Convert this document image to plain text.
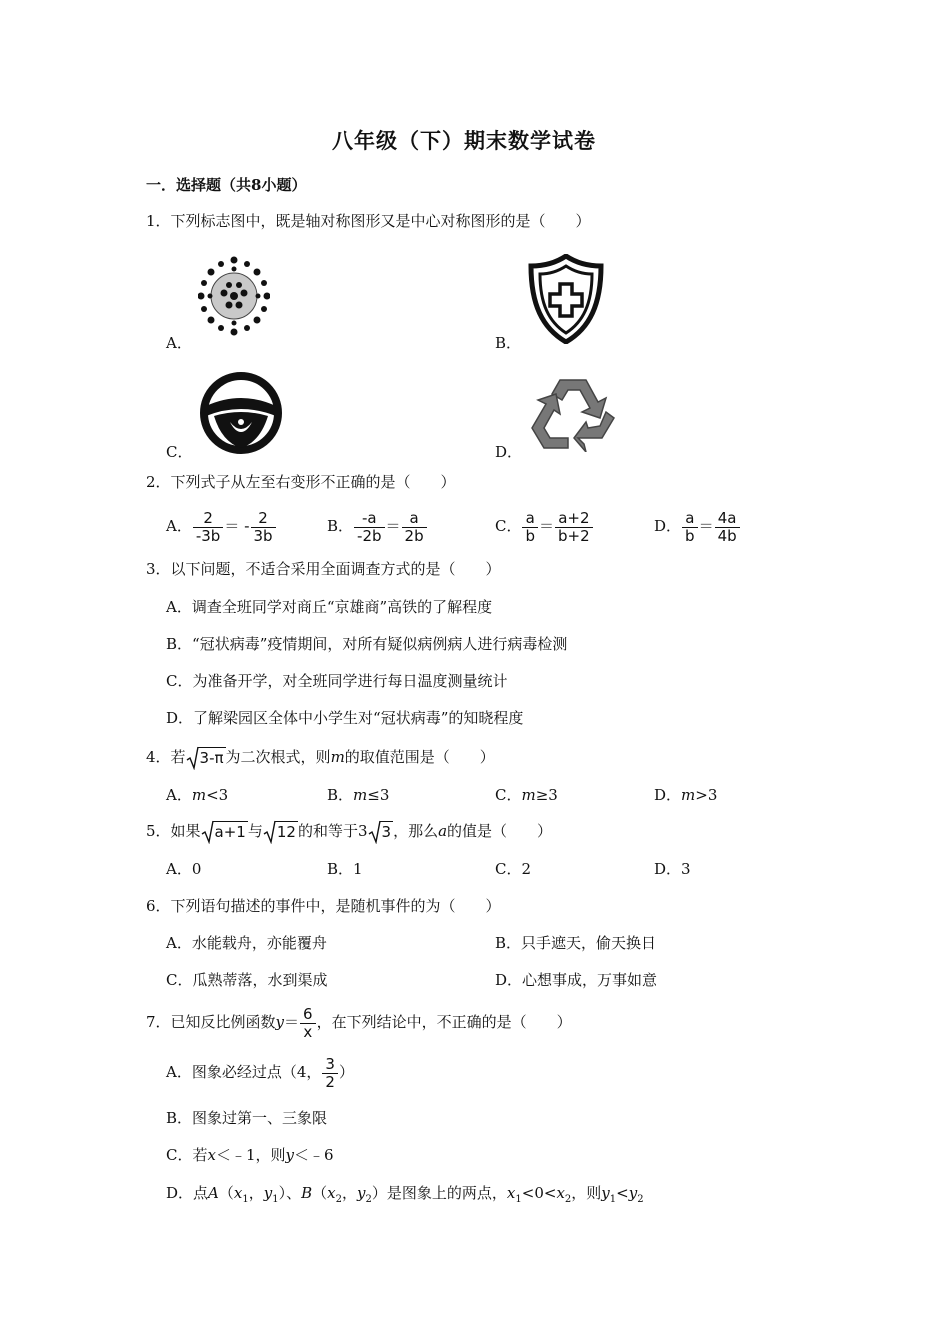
八年级（下）期末数学试卷
一．选择题（共8小题）
1．下列标志图中，既是轴对称图形又是中心对称图形的是（　　）
A．	B．
C．	D．
2．下列式子从左至右变形不正确的是（　　）
A． $\frac{2}{-3b}$ ＝ - $\frac{2}{3b}$	B． $\frac{-a}{-2b} = \frac{a}{2b}$	C． $\frac{a}{b} = \frac{a+2}{b+2}$	D． $\frac{a}{b} = \frac{4a}{4b}$
3．以下问题，不适合采用全面调查方式的是（　　）
A．调查全班同学对商丘“京雄商”高铁的了解程度
B．“冠状病毒”疫情期间，对所有疑似病例病人进行病毒检测
C．为准备开学，对全班同学进行每日温度测量统计
D．了解梁园区全体中小学生对“冠状病毒”的知晓程度
4．若 3-π 为二次根式，则m的取值范围是（　　）
A．m<3	B．m≤3	C．m≥3	D．m>3
5．如果 a+1 与 12 的和等于3 3 ，那么a的值是（　　）
A．0	B．1	C．2	D．3
6．下列语句描述的事件中，是随机事件的为（　　）
A．水能载舟，亦能覆舟	B．只手遮天，偷天换日
C．瓜熟蒂落，水到渠成	D．心想事成，万事如意
7．已知反比例函数$y= \frac{6}{x}$ ，在下列结论中，不正确的是（　　）
A．图象必经过点（4， $\frac{3}{2}$ ）
B．图象过第一、三象限
C．若x＜﹣1，则y＜﹣6
D．点$A(x_1$，$y_1$）、$B(x_2$，$y_2$）是图象上的两点，$x_1<0<x_2$，则$y_1<y_2$
